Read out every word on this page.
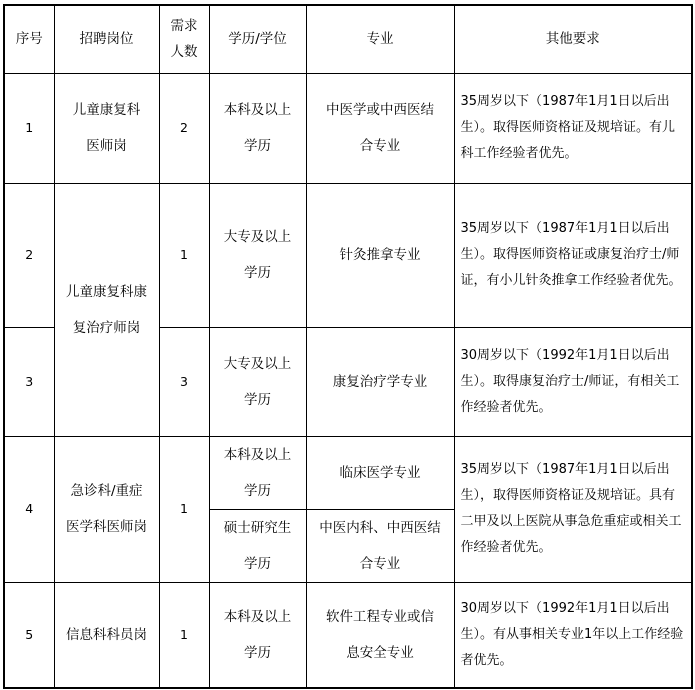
序号	招聘岗位	需求人数	学历/学位	专业	其他要求
1	儿童康复科医师岗	2	本科及以上学历	中医学或中西医结合专业	35周岁以下（1987年1月1日以后出生）。取得医师资格证及规培证。有儿科工作经验者优先。
2	儿童康复科康复治疗师岗	1	大专及以上学历	针灸推拿专业	35周岁以下（1987年1月1日以后出生）。取得医师资格证或康复治疗士/师证，有小儿针灸推拿工作经验者优先。
3		3	大专及以上学历	康复治疗学专业	30周岁以下（1992年1月1日以后出生）。取得康复治疗士/师证，有相关工作经验者优先。
4	急诊科/重症医学科医师岗	1	本科及以上学历	临床医学专业	35周岁以下（1987年1月1日以后出生），取得医师资格证及规培证。具有二甲及以上医院从事急危重症或相关工作经验者优先。
			硕士研究生学历	中医内科、中西医结合专业	
5	信息科科员岗	1	本科及以上学历	软件工程专业或信息安全专业	30周岁以下（1992年1月1日以后出生）。有从事相关专业1年以上工作经验者优先。
